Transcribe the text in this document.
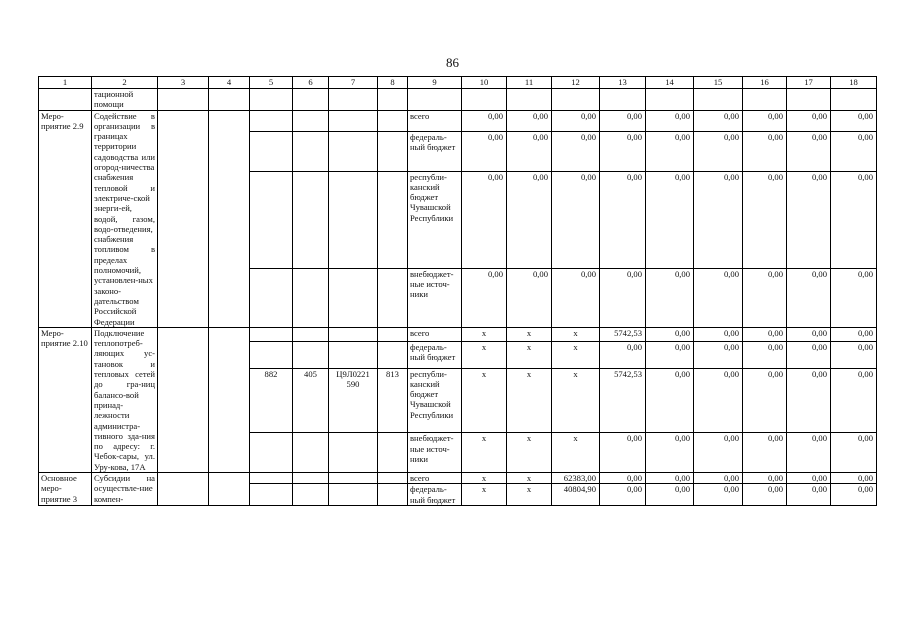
86
1	2	3	4	5	6	7	8	9	10	11	12	13	14	15	16	17	18
	тационной помощи																
Меро- приятие 2.9	Содействие в организации в границах территории садоводства или огород-ничества снабжения тепловой и электриче-ской энерги-ей, водой, газом, водо-отведения, снабжения топливом в пределах полномочий, установлен-ных законо-дательством Российской Федерации							всего	0,00	0,00	0,00	0,00	0,00	0,00	0,00	0,00	0,00
								федераль- ный бюджет	0,00	0,00	0,00	0,00	0,00	0,00	0,00	0,00	0,00
								республи- канский бюджет Чувашской Республики	0,00	0,00	0,00	0,00	0,00	0,00	0,00	0,00	0,00
								внебюджет- ные источ- ники	0,00	0,00	0,00	0,00	0,00	0,00	0,00	0,00	0,00
Меро- приятие 2.10	Подключение теплопотреб-ляющих ус-тановок и тепловых сетей до гра-ниц балансо-вой принад-лежности администра-тивного зда-ния по адресу: г. Чебок-сары, ул. Уру-кова, 17А							всего	x	x	x	5742,53	0,00	0,00	0,00	0,00	0,00
								федераль- ный бюджет	x	x	x	0,00	0,00	0,00	0,00	0,00	0,00
				882	405	Ц9Л0221 590	813	республи- канский бюджет Чувашской Республики	x	x	x	5742,53	0,00	0,00	0,00	0,00	0,00
								внебюджет- ные источ- ники	x	x	x	0,00	0,00	0,00	0,00	0,00	0,00
Основное меро- приятие 3	Субсидии на осуществле-ние компен-							всего	x	x	62383,00	0,00	0,00	0,00	0,00	0,00	0,00
								федераль- ный бюджет	x	x	40804,90	0,00	0,00	0,00	0,00	0,00	0,00
